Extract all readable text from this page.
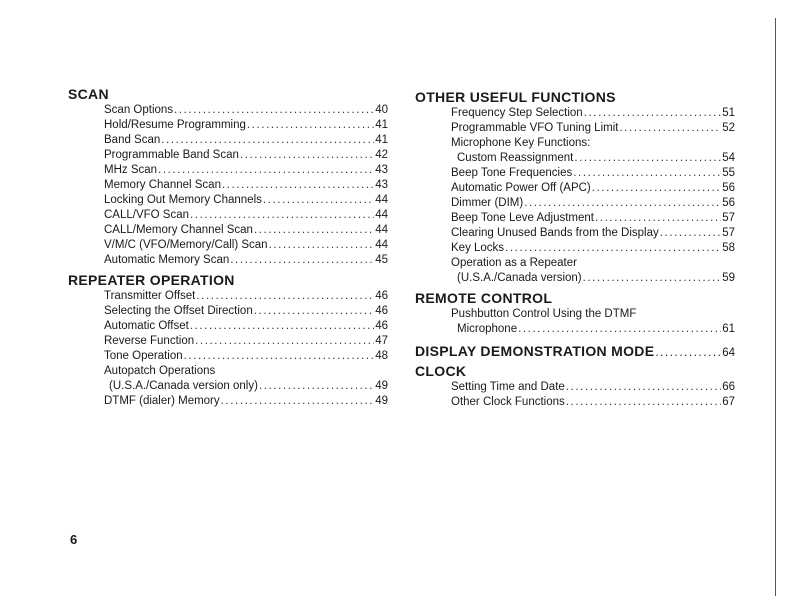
SCAN
Scan Options .....	40
Hold/Resume Programming .....	41
Band Scan .....	41
Programmable Band Scan .....	42
MHz Scan .....	43
Memory Channel Scan .....	43
Locking Out Memory Channels .....	44
CALL/VFO Scan .....	44
CALL/Memory Channel Scan .....	44
V/M/C (VFO/Memory/Call) Scan .....	44
Automatic Memory Scan .....	45
REPEATER OPERATION
Transmitter Offset .....	46
Selecting the Offset Direction .....	46
Automatic Offset .....	46
Reverse Function .....	47
Tone Operation .....	48
Autopatch Operations
(U.S.A./Canada version only) .....	49
DTMF (dialer) Memory .....	49
OTHER USEFUL FUNCTIONS
Frequency Step Selection .....	51
Programmable VFO Tuning Limit .....	52
Microphone Key Functions:
Custom Reassignment .....	54
Beep Tone Frequencies .....	55
Automatic Power Off (APC) .....	56
Dimmer (DIM) .....	56
Beep Tone Leve Adjustment .....	57
Clearing Unused Bands from the Display .....	57
Key Locks .....	58
Operation as a Repeater
(U.S.A./Canada version) .....	59
REMOTE CONTROL
Pushbutton Control Using the DTMF
Microphone .....	61
DISPLAY DEMONSTRATION MODE .....	64
CLOCK
Setting Time and Date .....	66
Other Clock Functions .....	67
6
